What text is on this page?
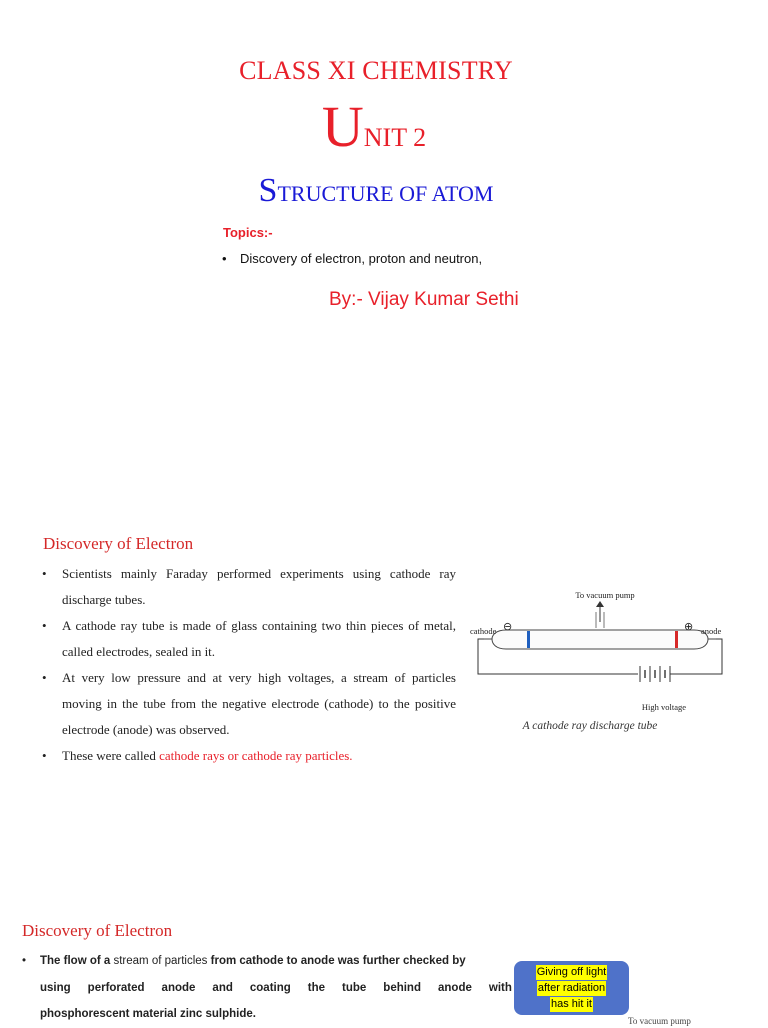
CLASS XI CHEMISTRY
UNIT 2
STRUCTURE OF ATOM
Topics:-
• Discovery of electron, proton and neutron,
By:- Vijay Kumar Sethi
Discovery of Electron
• Scientists mainly Faraday performed experiments using cathode ray discharge tubes.
• A cathode ray tube is made of glass containing two thin pieces of metal, called electrodes, sealed in it.
• At very low pressure and at very high voltages, a stream of particles moving in the tube from the negative electrode (cathode) to the positive electrode (anode) was observed.
• These were called cathode rays or cathode ray particles.
To vacuum pump
cathode	anode
⊖	⊕
High voltage
A cathode ray discharge tube
Discovery of Electron
• The flow of a stream of particles from cathode to anode was further checked by
using perforated anode and coating the tube behind anode with
phosphorescent material zinc sulphide.
Giving off light
after radiation
has hit it
To vacuum pump
